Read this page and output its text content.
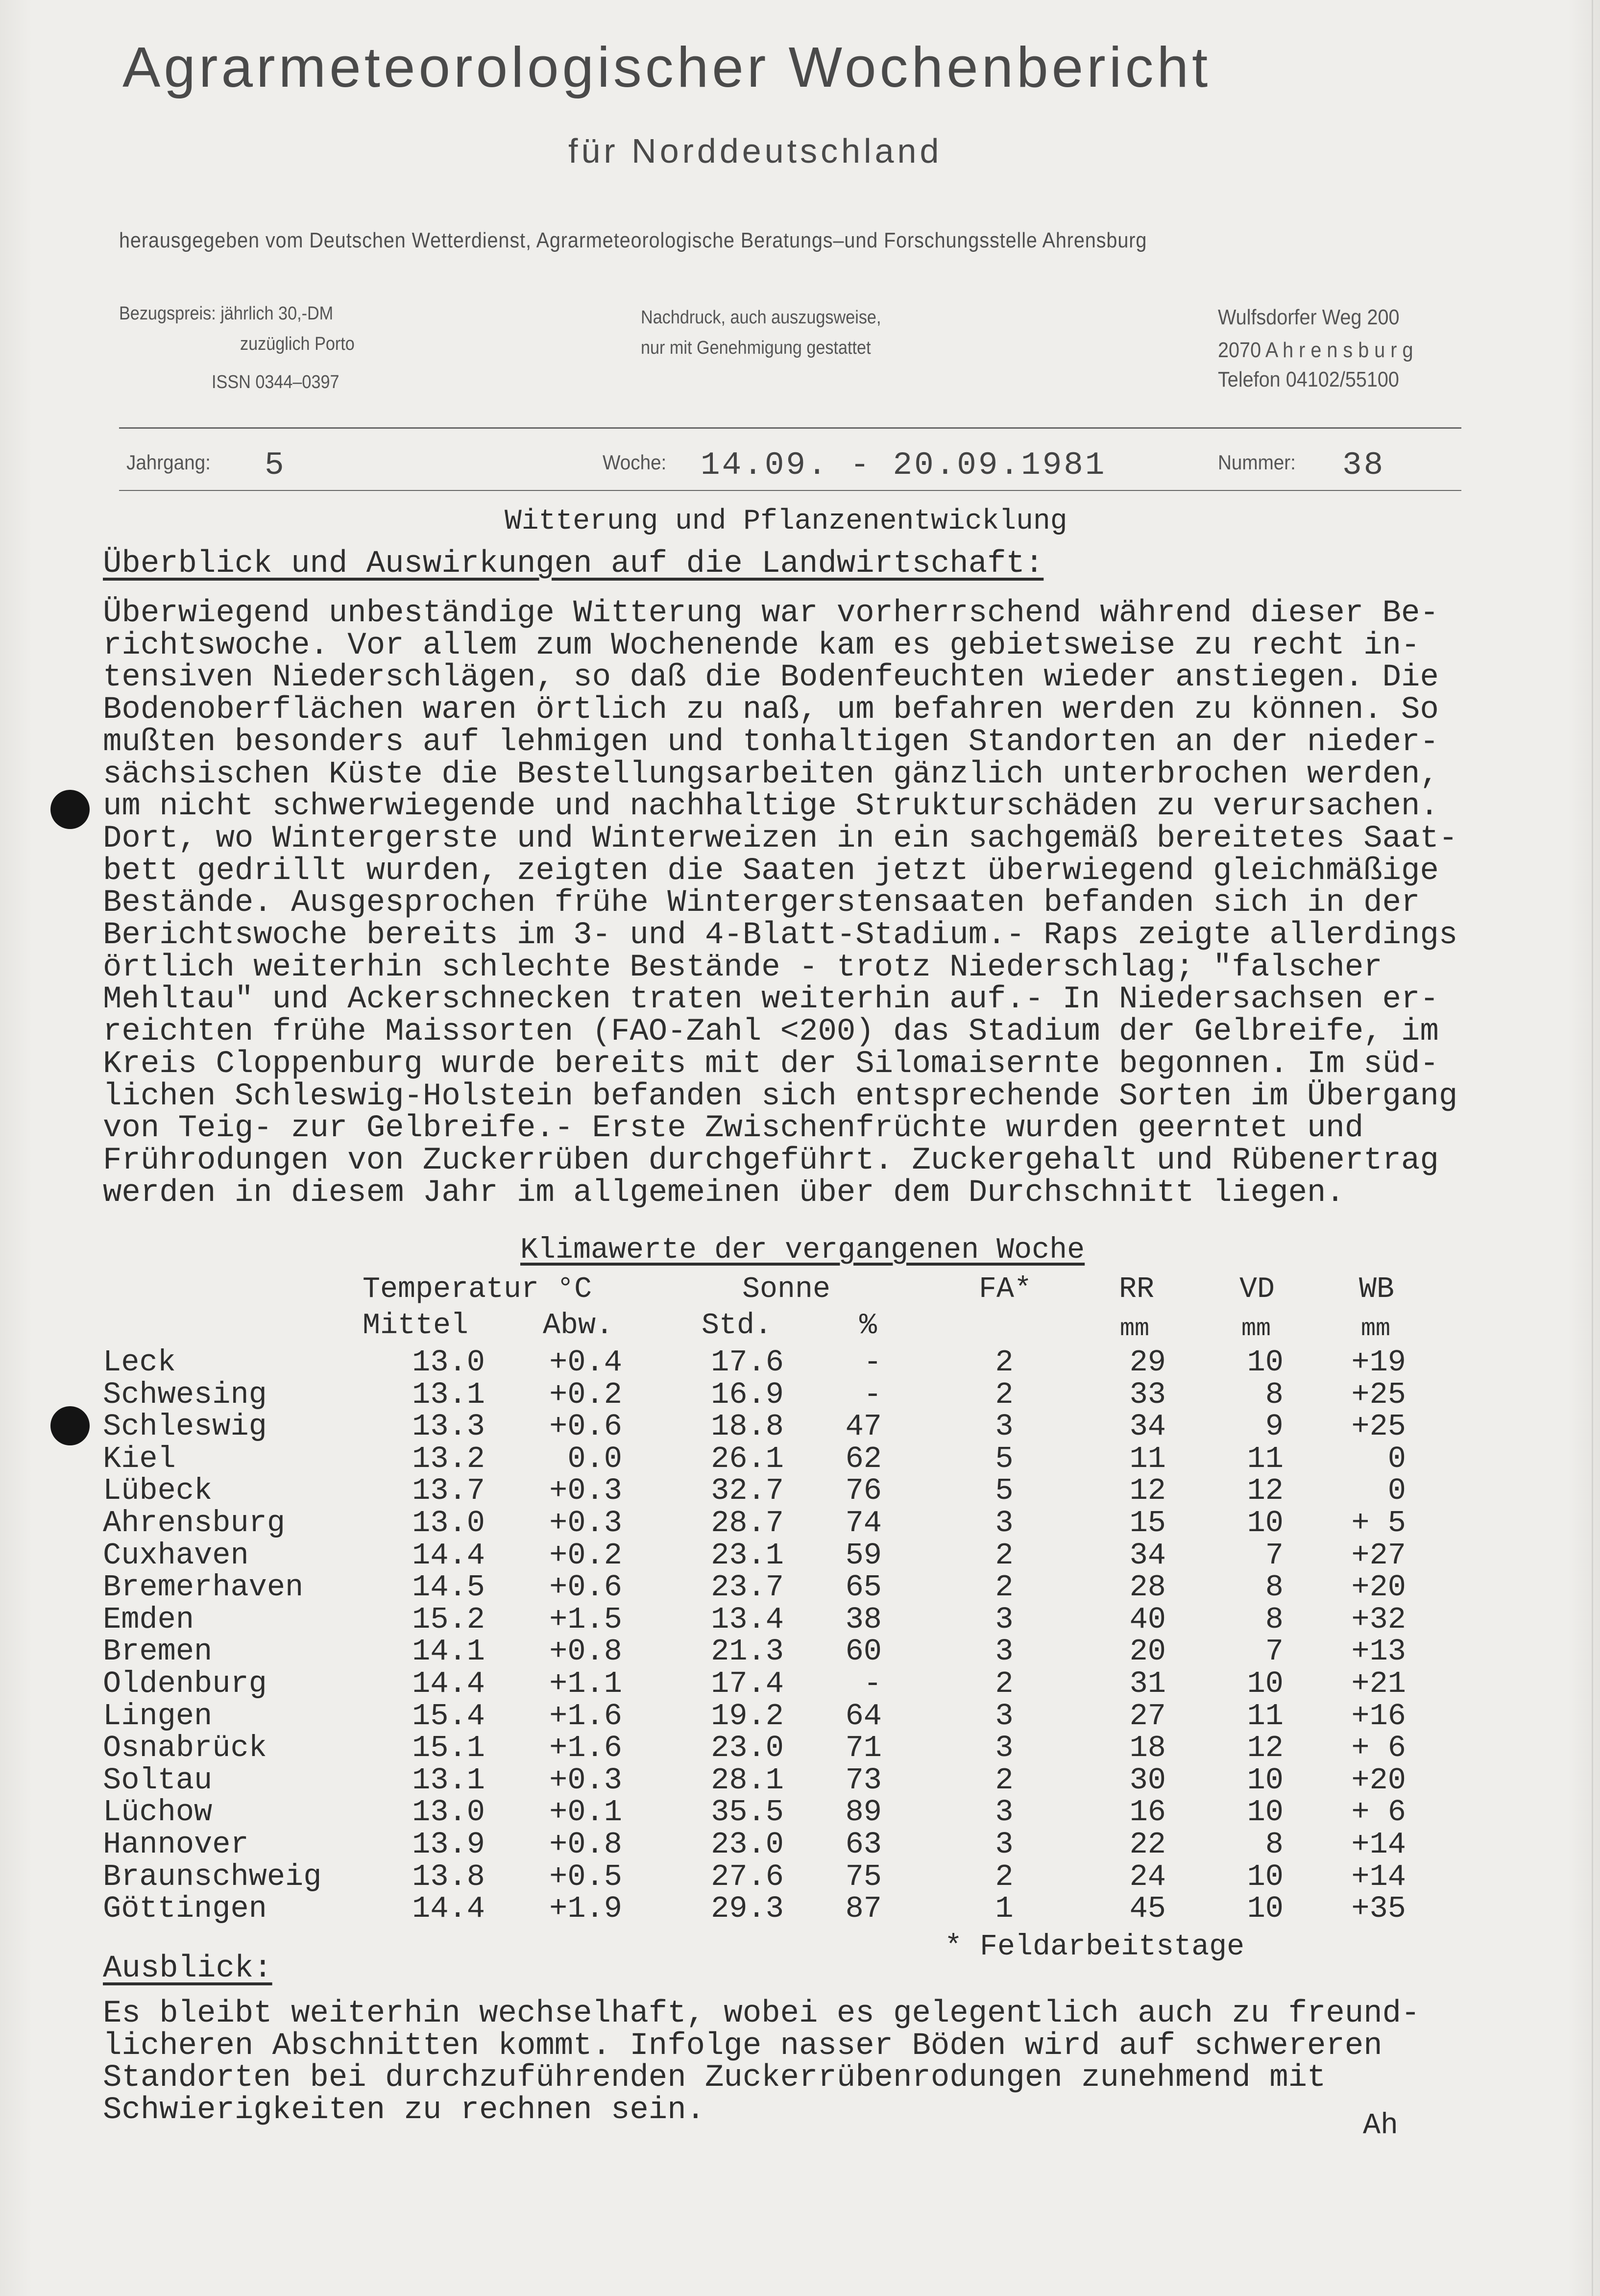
Agrarmeteorologischer Wochenbericht
für Norddeutschland
herausgegeben vom Deutschen Wetterdienst, Agrarmeteorologische Beratungs–und Forschungsstelle Ahrensburg
Bezugspreis: jährlich 30,-DM
zuzüglich Porto
ISSN 0344–0397
Nachdruck, auch auszugsweise,
nur mit Genehmigung gestattet
Wulfsdorfer Weg 200
2070 A h r e n s b u r g
Telefon 04102/55100
Jahrgang: 5	Woche: 14.09. - 20.09.1981	Nummer: 38
Witterung und Pflanzenentwicklung
Überblick und Auswirkungen auf die Landwirtschaft:
Überwiegend unbeständige Witterung war vorherrschend während dieser Be-
richtswoche. Vor allem zum Wochenende kam es gebietsweise zu recht in-
tensiven Niederschlägen, so daß die Bodenfeuchten wieder anstiegen. Die
Bodenoberflächen waren örtlich zu naß, um befahren werden zu können. So
mußten besonders auf lehmigen und tonhaltigen Standorten an der nieder-
sächsischen Küste die Bestellungsarbeiten gänzlich unterbrochen werden,
um nicht schwerwiegende und nachhaltige Strukturschäden zu verursachen.
Dort, wo Wintergerste und Winterweizen in ein sachgemäß bereitetes Saat-
bett gedrillt wurden, zeigten die Saaten jetzt überwiegend gleichmäßige
Bestände. Ausgesprochen frühe Wintergerstensaaten befanden sich in der
Berichtswoche bereits im 3- und 4-Blatt-Stadium.- Raps zeigte allerdings
örtlich weiterhin schlechte Bestände - trotz Niederschlag; "falscher
Mehltau" und Ackerschnecken traten weiterhin auf.- In Niedersachsen er-
reichten frühe Maissorten (FAO-Zahl <200) das Stadium der Gelbreife, im
Kreis Cloppenburg wurde bereits mit der Silomaisernte begonnen. Im süd-
lichen Schleswig-Holstein befanden sich entsprechende Sorten im Übergang
von Teig- zur Gelbreife.- Erste Zwischenfrüchte wurden geerntet und
Frührodungen von Zuckerrüben durchgeführt. Zuckergehalt und Rübenertrag
werden in diesem Jahr im allgemeinen über dem Durchschnitt liegen.
Klimawerte der vergangenen Woche
Temperatur °C	Sonne	FA*	RR	VD	WB
Mittel	Abw.	Std.	%	mm	mm	mm
Leck	13.0	+0.4	17.6	-	2	29	10	+19
Schwesing	13.1	+0.2	16.9	-	2	33	8	+25
Schleswig	13.3	+0.6	18.8	47	3	34	9	+25
Kiel	13.2	0.0	26.1	62	5	11	11	0
Lübeck	13.7	+0.3	32.7	76	5	12	12	0
Ahrensburg	13.0	+0.3	28.7	74	3	15	10	+ 5
Cuxhaven	14.4	+0.2	23.1	59	2	34	7	+27
Bremerhaven	14.5	+0.6	23.7	65	2	28	8	+20
Emden	15.2	+1.5	13.4	38	3	40	8	+32
Bremen	14.1	+0.8	21.3	60	3	20	7	+13
Oldenburg	14.4	+1.1	17.4	-	2	31	10	+21
Lingen	15.4	+1.6	19.2	64	3	27	11	+16
Osnabrück	15.1	+1.6	23.0	71	3	18	12	+ 6
Soltau	13.1	+0.3	28.1	73	2	30	10	+20
Lüchow	13.0	+0.1	35.5	89	3	16	10	+ 6
Hannover	13.9	+0.8	23.0	63	3	22	8	+14
Braunschweig	13.8	+0.5	27.6	75	2	24	10	+14
Göttingen	14.4	+1.9	29.3	87	1	45	10	+35
* Feldarbeitstage
Ausblick:
Es bleibt weiterhin wechselhaft, wobei es gelegentlich auch zu freund-
licheren Abschnitten kommt. Infolge nasser Böden wird auf schwereren
Standorten bei durchzuführenden Zuckerrübenrodungen zunehmend mit
Schwierigkeiten zu rechnen sein.	Ah
